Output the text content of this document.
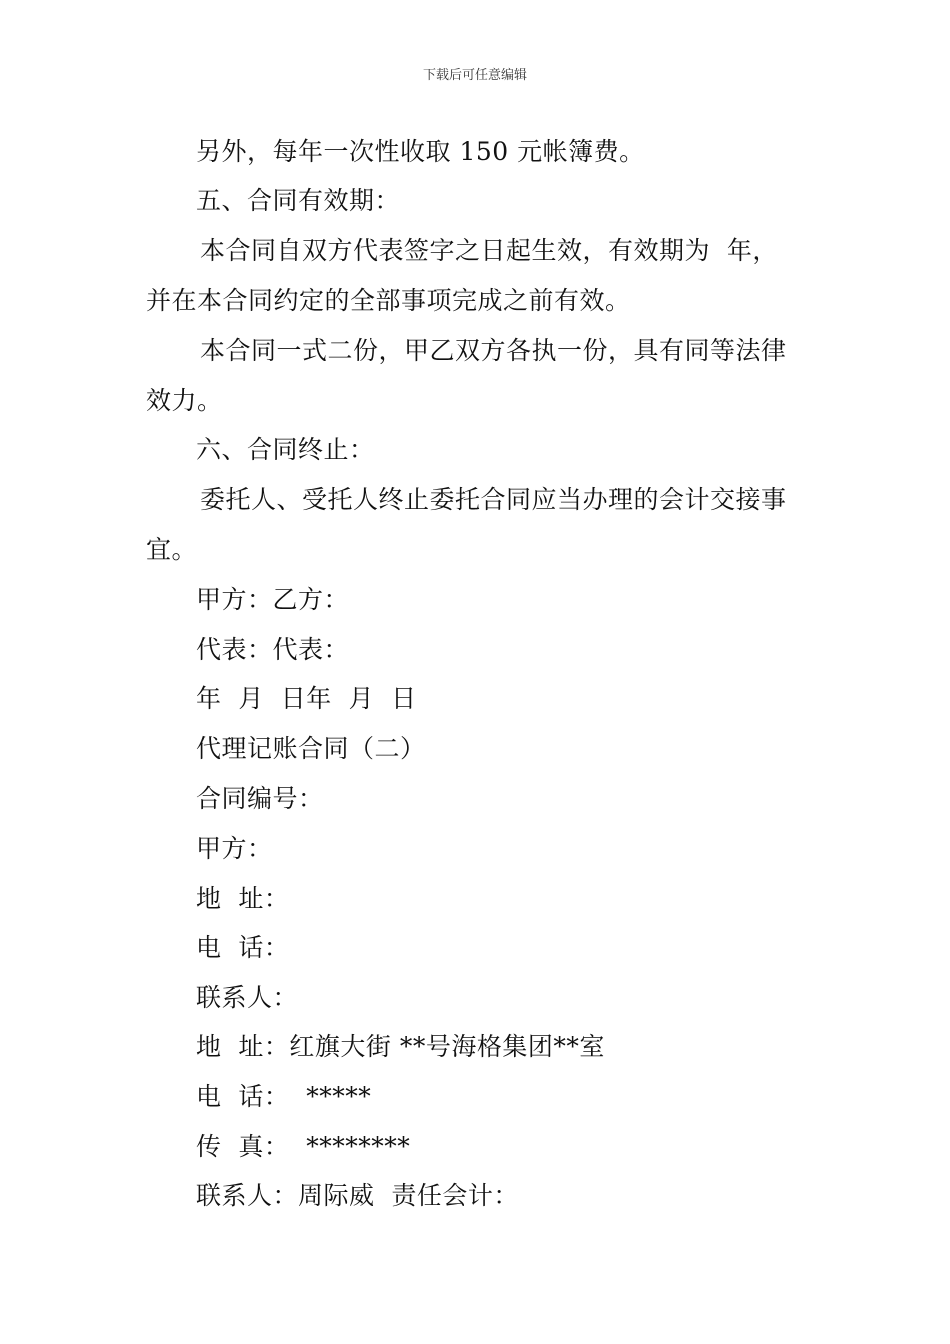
下载后可任意编辑
另外，每年一次性收取 150 元帐簿费。
五、合同有效期：
本合同自双方代表签字之日起生效，有效期为  年，
并在本合同约定的全部事项完成之前有效。
本合同一式二份，甲乙双方各执一份，具有同等法律
效力。
六、合同终止：
委托人、受托人终止委托合同应当办理的会计交接事
宜。
甲方：乙方：
代表：代表：
年  月  日年  月  日
代理记账合同（二）
合同编号：
甲方：
地  址：
电  话：
联系人：
地  址：红旗大街 **号海格集团**室
电  话：  *****
传  真：  ********
联系人：周际威  责任会计：
